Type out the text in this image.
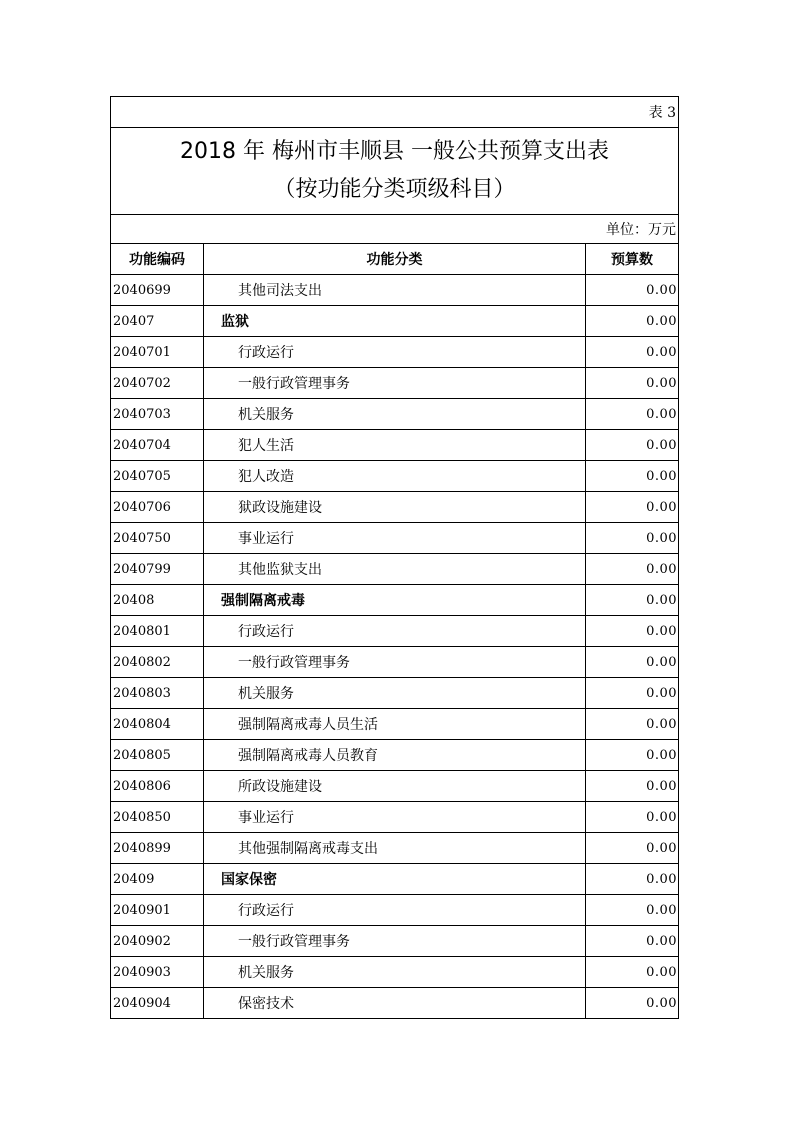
表 3		

2018 年 梅州市丰顺县 一般公共预算支出表
（按功能分类项级科目）		

单位：万元		
功能编码	功能分类	预算数
2040699	其他司法支出	0.00
20407	监狱	0.00
2040701	行政运行	0.00
2040702	一般行政管理事务	0.00
2040703	机关服务	0.00
2040704	犯人生活	0.00
2040705	犯人改造	0.00
2040706	狱政设施建设	0.00
2040750	事业运行	0.00
2040799	其他监狱支出	0.00
20408	强制隔离戒毒	0.00
2040801	行政运行	0.00
2040802	一般行政管理事务	0.00
2040803	机关服务	0.00
2040804	强制隔离戒毒人员生活	0.00
2040805	强制隔离戒毒人员教育	0.00
2040806	所政设施建设	0.00
2040850	事业运行	0.00
2040899	其他强制隔离戒毒支出	0.00
20409	国家保密	0.00
2040901	行政运行	0.00
2040902	一般行政管理事务	0.00
2040903	机关服务	0.00
2040904	保密技术	0.00
